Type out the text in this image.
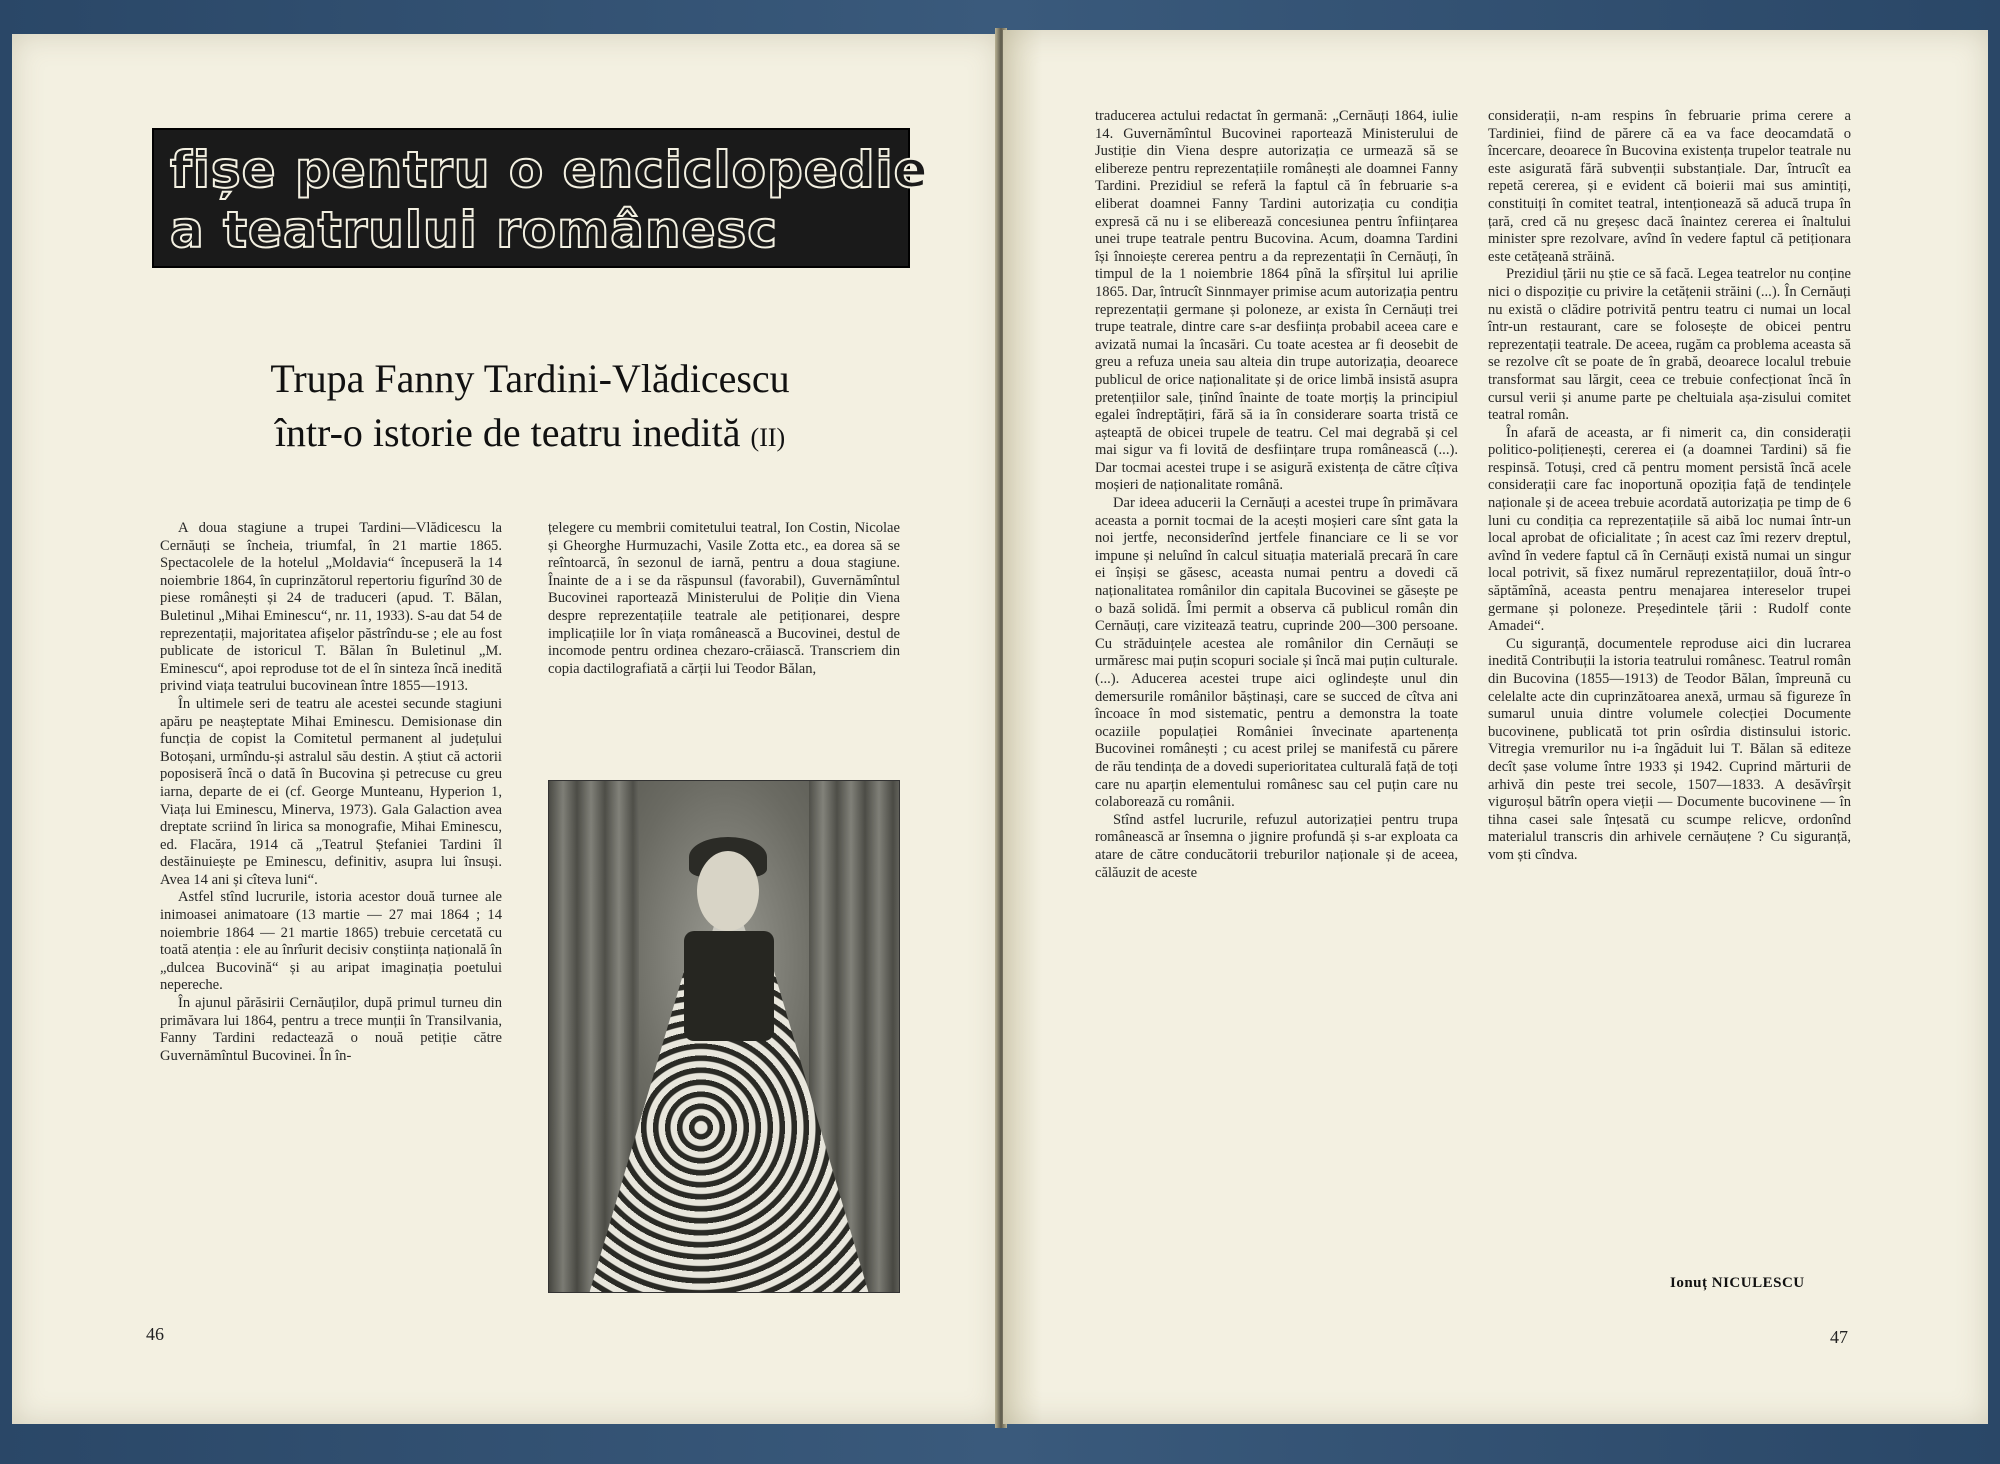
fișe pentru o enciclopedie
a teatrului românesc
Trupa Fanny Tardini-Vlădicescu
într-o istorie de teatru inedită (II)

A doua stagiune a trupei Tardini—Vlădicescu la Cernăuți se încheia, triumfal, în 21 martie 1865. Spectacolele de la hotelul „Moldavia“ începuseră la 14 noiembrie 1864, în cuprinzătorul repertoriu figurînd 30 de piese românești și 24 de traduceri (apud. T. Bălan, Buletinul „Mihai Eminescu“, nr. 11, 1933). S-au dat 54 de reprezentații, majoritatea afișelor păstrîndu-se ; ele au fost publicate de istoricul T. Bălan în Buletinul „M. Eminescu“, apoi reproduse tot de el în sinteza încă inedită privind viața teatrului bucovinean între 1855—1913.

În ultimele seri de teatru ale acestei secunde stagiuni apăru pe neașteptate Mihai Eminescu. Demisionase din funcția de copist la Comitetul permanent al județului Botoșani, urmîndu-și astralul său destin. A știut că actorii poposiseră încă o dată în Bucovina și petrecuse cu greu iarna, departe de ei (cf. George Munteanu, Hyperion 1, Viața lui Eminescu, Minerva, 1973). Gala Galaction avea dreptate scriind în lirica sa monografie, Mihai Eminescu, ed. Flacăra, 1914 că „Teatrul Ștefaniei Tardini îl destăinuiește pe Eminescu, definitiv, asupra lui însuși. Avea 14 ani și cîteva luni“.

Astfel stînd lucrurile, istoria acestor două turnee ale inimoasei animatoare (13 martie — 27 mai 1864 ; 14 noiembrie 1864 — 21 martie 1865) trebuie cercetată cu toată atenția : ele au înrîurit decisiv conștiința națională în „dulcea Bucovină“ și au aripat imaginația poetului nepereche.

În ajunul părăsirii Cernăuților, după primul turneu din primăvara lui 1864, pentru a trece munții în Transilvania, Fanny Tardini redactează o nouă petiție către Guvernămîntul Bucovinei. În în-

țelegere cu membrii comitetului teatral, Ion Costin, Nicolae și Gheorghe Hurmuzachi, Vasile Zotta etc., ea dorea să se reîntoarcă, în sezonul de iarnă, pentru a doua stagiune. Înainte de a i se da răspunsul (favorabil), Guvernămîntul Bucovinei raportează Ministerului de Poliție din Viena despre reprezentațiile teatrale ale petiționarei, despre implicațiile lor în viața românească a Bucovinei, destul de incomode pentru ordinea chezaro-crăiască. Transcriem din copia dactilografiată a cărții lui Teodor Bălan,

traducerea actului redactat în germană: „Cernăuți 1864, iulie 14. Guvernămîntul Bucovinei raportează Ministerului de Justiție din Viena despre autorizația ce urmează să se elibereze pentru reprezentațiile românești ale doamnei Fanny Tardini. Prezidiul se referă la faptul că în februarie s-a eliberat doamnei Fanny Tardini autorizația cu condiția expresă că nu i se eliberează concesiunea pentru înființarea unei trupe teatrale pentru Bucovina. Acum, doamna Tardini își înnoiește cererea pentru a da reprezentații în Cernăuți, în timpul de la 1 noiembrie 1864 pînă la sfîrșitul lui aprilie 1865. Dar, întrucît Sinnmayer primise acum autorizația pentru reprezentații germane și poloneze, ar exista în Cernăuți trei trupe teatrale, dintre care s-ar desființa probabil aceea care e avizată numai la încasări. Cu toate acestea ar fi deosebit de greu a refuza uneia sau alteia din trupe autorizația, deoarece publicul de orice naționalitate și de orice limbă insistă asupra pretențiilor sale, ținînd înainte de toate morțiș la principiul egalei îndreptățiri, fără să ia în considerare soarta tristă ce așteaptă de obicei trupele de teatru. Cel mai degrabă și cel mai sigur va fi lovită de desființare trupa românească (...). Dar tocmai acestei trupe i se asigură existența de către cîțiva moșieri de naționalitate română.

Dar ideea aducerii la Cernăuți a acestei trupe în primăvara aceasta a pornit tocmai de la acești moșieri care sînt gata la noi jertfe, neconsiderînd jertfele financiare ce li se vor impune și neluînd în calcul situația materială precară în care ei înșiși se găsesc, aceasta numai pentru a dovedi că naționalitatea românilor din capitala Bucovinei se găsește pe o bază solidă. Îmi permit a observa că publicul român din Cernăuți, care vizitează teatru, cuprinde 200—300 persoane. Cu străduințele acestea ale românilor din Cernăuți se urmăresc mai puțin scopuri sociale și încă mai puțin culturale. (...). Aducerea acestei trupe aici oglindește unul din demersurile românilor băștinași, care se succed de cîtva ani încoace în mod sistematic, pentru a demonstra la toate ocaziile populației României învecinate apartenența Bucovinei românești ; cu acest prilej se manifestă cu părere de rău tendința de a dovedi superioritatea culturală față de toți care nu aparțin elementului românesc sau cel puțin care nu colaborează cu românii.

Stînd astfel lucrurile, refuzul autorizației pentru trupa românească ar însemna o jignire profundă și s-ar exploata ca atare de către conducătorii treburilor naționale și de aceea, călăuzit de aceste

considerații, n-am respins în februarie prima cerere a Tardiniei, fiind de părere că ea va face deocamdată o încercare, deoarece în Bucovina existența trupelor teatrale nu este asigurată fără subvenții substanțiale. Dar, întrucît ea repetă cererea, și e evident că boierii mai sus amintiți, constituiți în comitet teatral, intenționează să aducă trupa în țară, cred că nu greșesc dacă înaintez cererea ei înaltului minister spre rezolvare, avînd în vedere faptul că petiționara este cetățeană străină.

Prezidiul țării nu știe ce să facă. Legea teatrelor nu conține nici o dispoziție cu privire la cetățenii străini (...). În Cernăuți nu există o clădire potrivită pentru teatru ci numai un local într-un restaurant, care se folosește de obicei pentru reprezentații teatrale. De aceea, rugăm ca problema aceasta să se rezolve cît se poate de în grabă, deoarece localul trebuie transformat sau lărgit, ceea ce trebuie confecționat încă în cursul verii și anume parte pe cheltuiala așa-zisului comitet teatral român.

În afară de aceasta, ar fi nimerit ca, din considerații politico-polițienești, cererea ei (a doamnei Tardini) să fie respinsă. Totuși, cred că pentru moment persistă încă acele considerații care fac inoportună opoziția față de tendințele naționale și de aceea trebuie acordată autorizația pe timp de 6 luni cu condiția ca reprezentațiile să aibă loc numai într-un local aprobat de oficialitate ; în acest caz îmi rezerv dreptul, avînd în vedere faptul că în Cernăuți există numai un singur local potrivit, să fixez numărul reprezentațiilor, două într-o săptămînă, aceasta pentru menajarea intereselor trupei germane și poloneze. Președintele țării : Rudolf conte Amadei“.

Cu siguranță, documentele reproduse aici din lucrarea inedită Contribuții la istoria teatrului românesc. Teatrul român din Bucovina (1855—1913) de Teodor Bălan, împreună cu celelalte acte din cuprinzătoarea anexă, urmau să figureze în sumarul unuia dintre volumele colecției Documente bucovinene, publicată tot prin osîrdia distinsului istoric. Vitregia vremurilor nu i-a îngăduit lui T. Bălan să editeze decît șase volume între 1933 și 1942. Cuprind mărturii de arhivă din peste trei secole, 1507—1833. A desăvîrșit viguroșul bătrîn opera vieții — Documente bucovinene — în tihna casei sale înțesată cu scumpe relicve, ordonînd materialul transcris din arhivele cernăuțene ? Cu siguranță, vom ști cîndva.

Ionuț NICULESCU
46	47
